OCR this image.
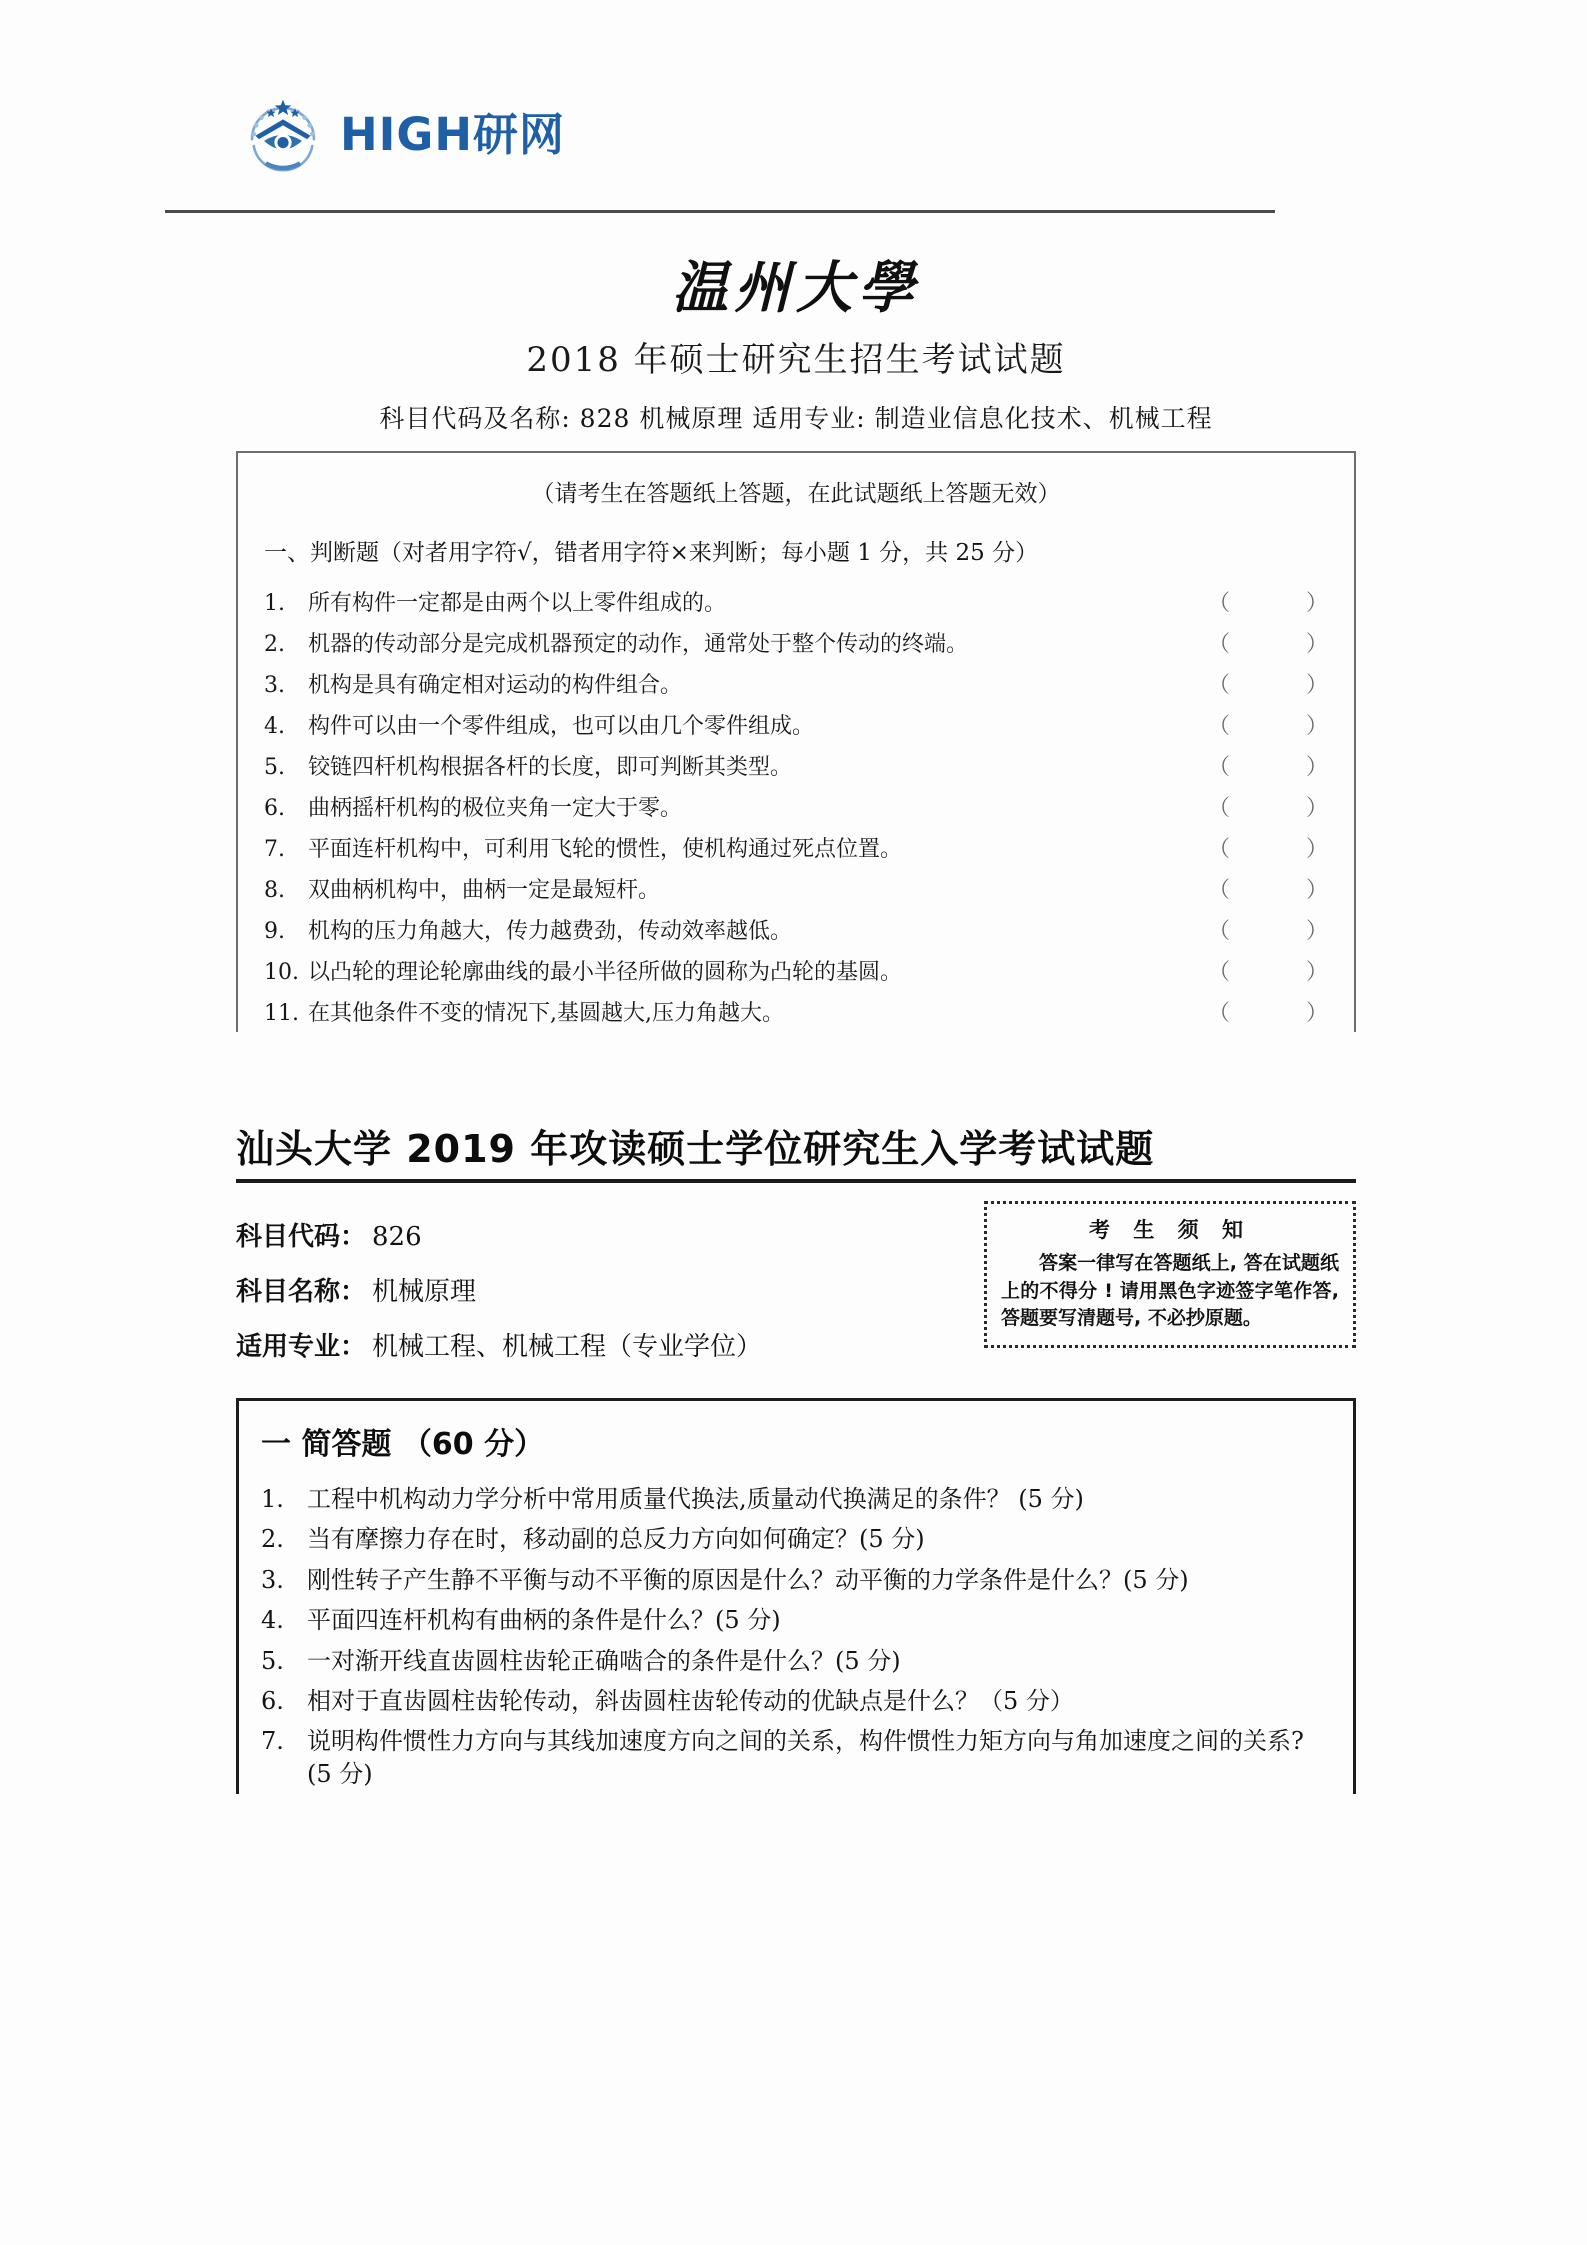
HIGH研网
温州大學
2018 年硕士研究生招生考试试题
科目代码及名称: 828 机械原理 适用专业: 制造业信息化技术、机械工程
（请考生在答题纸上答题，在此试题纸上答题无效）
一、判断题（对者用字符√，错者用字符×来判断；每小题 1 分，共 25 分）
1.	所有构件一定都是由两个以上零件组成的。	（	）
2.	机器的传动部分是完成机器预定的动作，通常处于整个传动的终端。	（	）
3.	机构是具有确定相对运动的构件组合。	（	）
4.	构件可以由一个零件组成，也可以由几个零件组成。	（	）
5.	铰链四杆机构根据各杆的长度，即可判断其类型。	（	）
6.	曲柄摇杆机构的极位夹角一定大于零。	（	）
7.	平面连杆机构中，可利用飞轮的惯性，使机构通过死点位置。	（	）
8.	双曲柄机构中，曲柄一定是最短杆。	（	）
9.	机构的压力角越大，传力越费劲，传动效率越低。	（	）
10. 以凸轮的理论轮廓曲线的最小半径所做的圆称为凸轮的基圆。	（	）
11. 在其他条件不变的情况下,基圆越大,压力角越大。	（	）
汕头大学 2019 年攻读硕士学位研究生入学考试试题
科目代码： 826
科目名称： 机械原理
适用专业： 机械工程、机械工程（专业学位）
考 生 须 知
答案一律写在答题纸上, 答在试题纸上的不得分 ! 请用黑色字迹签字笔作答, 答题要写清题号, 不必抄原题。
一 简答题 （60 分）
1. 工程中机构动力学分析中常用质量代换法,质量动代换满足的条件？ (5 分)
2. 当有摩擦力存在时，移动副的总反力方向如何确定？(5 分)
3. 刚性转子产生静不平衡与动不平衡的原因是什么？动平衡的力学条件是什么？(5 分)
4. 平面四连杆机构有曲柄的条件是什么？(5 分)
5. 一对渐开线直齿圆柱齿轮正确啮合的条件是什么？(5 分)
6. 相对于直齿圆柱齿轮传动，斜齿圆柱齿轮传动的优缺点是什么？（5 分）
7. 说明构件惯性力方向与其线加速度方向之间的关系，构件惯性力矩方向与角加速度之间的关系? (5 分)
